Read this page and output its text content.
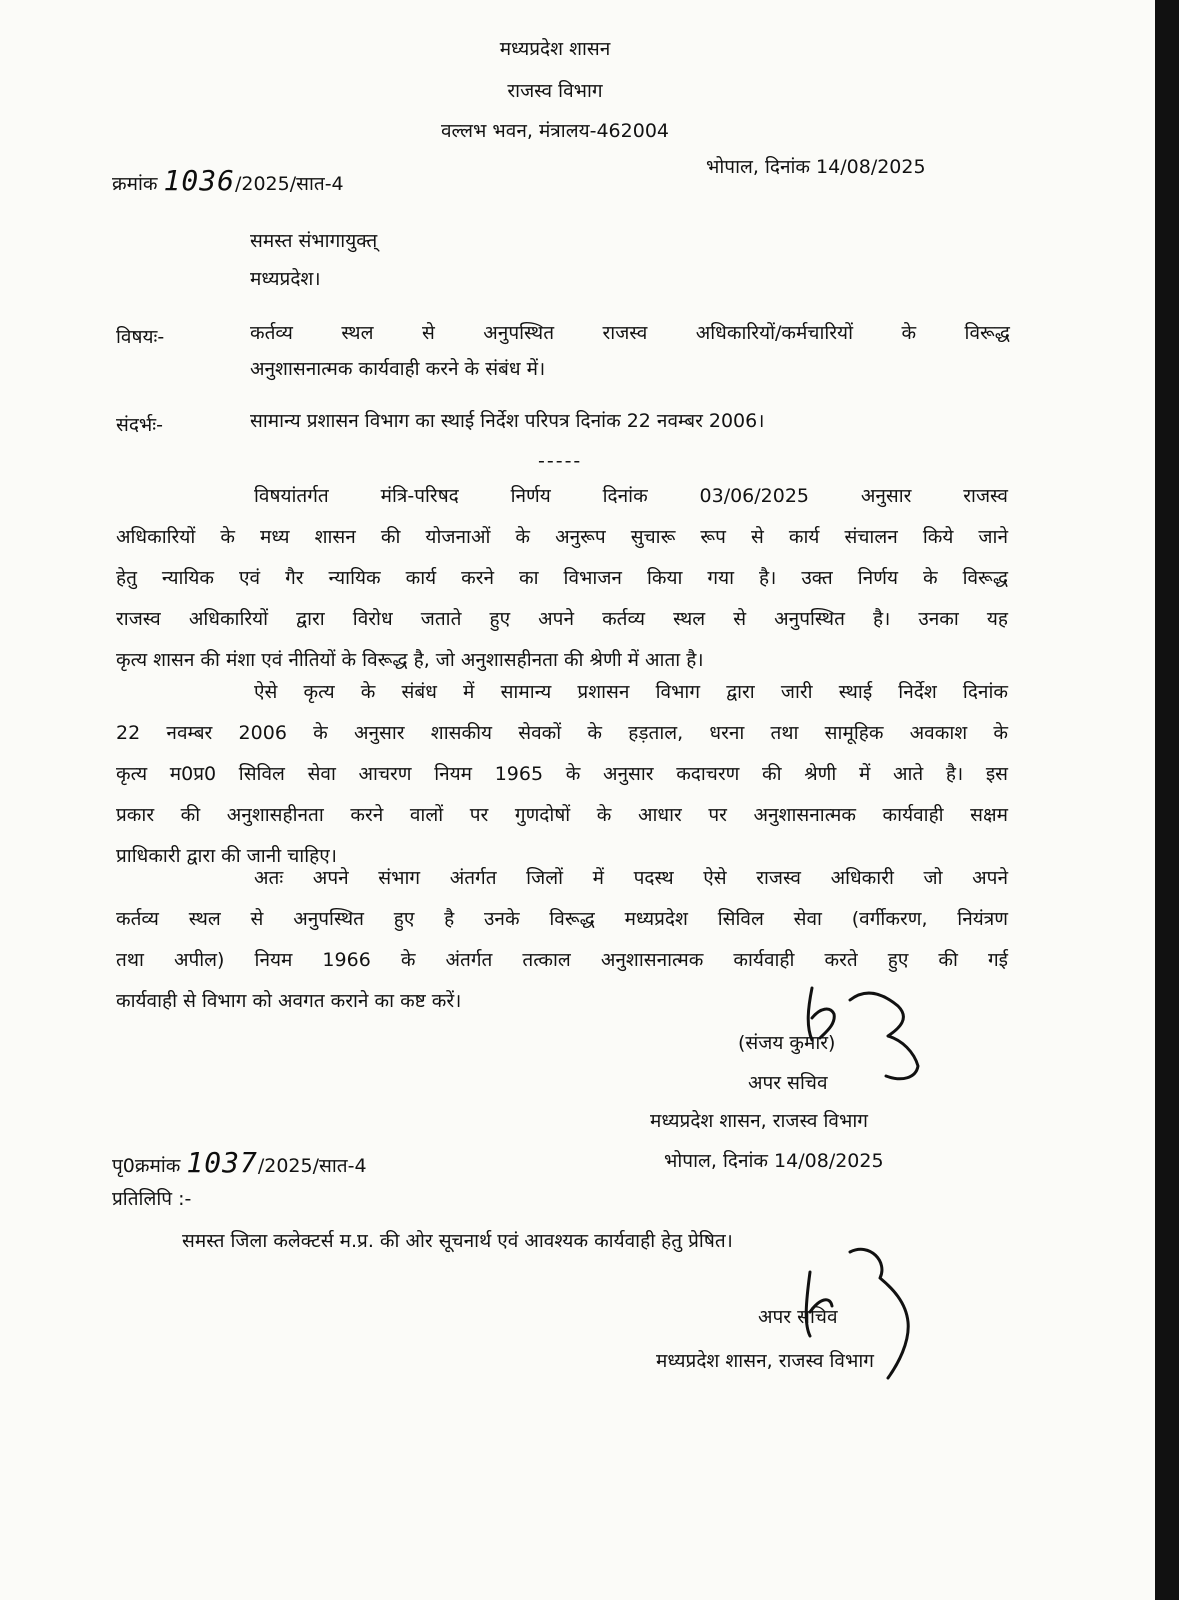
मध्यप्रदेश शासन
राजस्व विभाग
वल्लभ भवन, मंत्रालय-462004
क्रमांक 1036/2025/सात-4
भोपाल, दिनांक 14/08/2025
समस्त संभागायुक्त्
मध्यप्रदेश।
विषयः-	कर्तव्य स्थल से अनुपस्थित राजस्व अधिकारियों/कर्मचारियों के विरूद्ध
अनुशासनात्मक कार्यवाही करने के संबंध में।
संदर्भः-	सामान्य प्रशासन विभाग का स्थाई निर्देश परिपत्र दिनांक 22 नवम्बर 2006।
-----
विषयांतर्गत मंत्रि-परिषद निर्णय दिनांक 03/06/2025 अनुसार राजस्व
अधिकारियों के मध्य शासन की योजनाओं के अनुरूप सुचारू रूप से कार्य संचालन किये जाने
हेतु न्यायिक एवं गैर न्यायिक कार्य करने का विभाजन किया गया है। उक्त निर्णय के विरूद्ध
राजस्व अधिकारियों द्वारा विरोध जताते हुए अपने कर्तव्य स्थल से अनुपस्थित है। उनका यह
कृत्य शासन की मंशा एवं नीतियों के विरूद्ध है, जो अनुशासहीनता की श्रेणी में आता है।
ऐसे कृत्य के संबंध में सामान्य प्रशासन विभाग द्वारा जारी स्थाई निर्देश दिनांक
22 नवम्बर 2006 के अनुसार शासकीय सेवकों के हड़ताल, धरना तथा सामूहिक अवकाश के
कृत्य म0प्र0 सिविल सेवा आचरण नियम 1965 के अनुसार कदाचरण की श्रेणी में आते है। इस
प्रकार की अनुशासहीनता करने वालों पर गुणदोषों के आधार पर अनुशासनात्मक कार्यवाही सक्षम
प्राधिकारी द्वारा की जानी चाहिए।
अतः अपने संभाग अंतर्गत जिलों में पदस्थ ऐसे राजस्व अधिकारी जो अपने
कर्तव्य स्थल से अनुपस्थित हुए है उनके विरूद्ध मध्यप्रदेश सिविल सेवा (वर्गीकरण, नियंत्रण
तथा अपील) नियम 1966 के अंतर्गत तत्काल अनुशासनात्मक कार्यवाही करते हुए की गई
कार्यवाही से विभाग को अवगत कराने का कष्ट करें।
(संजय कुमार)
अपर सचिव
मध्यप्रदेश शासन, राजस्व विभाग
पृ0क्रमांक 1037/2025/सात-4	भोपाल, दिनांक 14/08/2025
प्रतिलिपि :-
समस्त जिला कलेक्टर्स म.प्र. की ओर सूचनार्थ एवं आवश्यक कार्यवाही हेतु प्रेषित।
अपर सचिव
मध्यप्रदेश शासन, राजस्व विभाग
